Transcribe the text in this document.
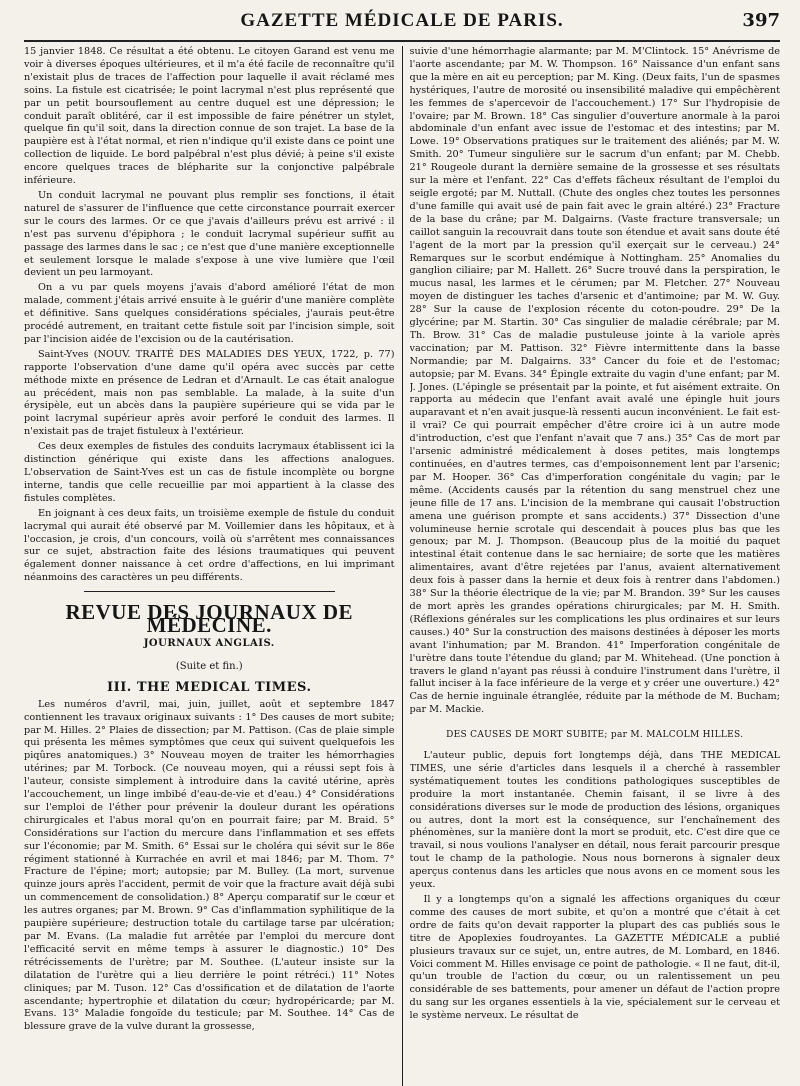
GAZETTE MÉDICALE DE PARIS.	397

15 janvier 1848. Ce résultat a été obtenu. Le citoyen Garand est venu me voir à diverses époques ultérieures, et il m'a été facile de reconnaître qu'il n'existait plus de traces de l'affection pour laquelle il avait réclamé mes soins. La fistule est cicatrisée; le point lacrymal n'est plus représenté que par un petit boursouflement au centre duquel est une dépression; le conduit paraît oblitéré, car il est impossible de faire pénétrer un stylet, quelque fin qu'il soit, dans la direction connue de son trajet. La base de la paupière est à l'état normal, et rien n'indique qu'il existe dans ce point une collection de liquide. Le bord palpébral n'est plus dévié; à peine s'il existe encore quelques traces de blépharite sur la conjonctive palpébrale inférieure.

Un conduit lacrymal ne pouvant plus remplir ses fonctions, il était naturel de s'assurer de l'influence que cette circonstance pourrait exercer sur le cours des larmes. Or ce que j'avais d'ailleurs prévu est arrivé : il n'est pas survenu d'épiphora ; le conduit lacrymal supérieur suffit au passage des larmes dans le sac ; ce n'est que d'une manière exceptionnelle et seulement lorsque le malade s'expose à une vive lumière que l'œil devient un peu larmoyant.

On a vu par quels moyens j'avais d'abord amélioré l'état de mon malade, comment j'étais arrivé ensuite à le guérir d'une manière complète et définitive. Sans quelques considérations spéciales, j'aurais peut-être procédé autrement, en traitant cette fistule soit par l'incision simple, soit par l'incision aidée de l'excision ou de la cautérisation.

Saint-Yves (NOUV. TRAITÉ DES MALADIES DES YEUX, 1722, p. 77) rapporte l'observation d'une dame qu'il opéra avec succès par cette méthode mixte en présence de Ledran et d'Arnault. Le cas était analogue au précédent, mais non pas semblable. La malade, à la suite d'un érysipèle, eut un abcès dans la paupière supérieure qui se vida par le point lacrymal supérieur après avoir perforé le conduit des larmes. Il n'existait pas de trajet fistuleux à l'extérieur.

Ces deux exemples de fistules des conduits lacrymaux établissent ici la distinction générique qui existe dans les affections analogues. L'observation de Saint-Yves est un cas de fistule incomplète ou borgne interne, tandis que celle recueillie par moi appartient à la classe des fistules complètes.

En joignant à ces deux faits, un troisième exemple de fistule du conduit lacrymal qui aurait été observé par M. Voillemier dans les hôpitaux, et à l'occasion, je crois, d'un concours, voilà où s'arrêtent mes connaissances sur ce sujet, abstraction faite des lésions traumatiques qui peuvent également donner naissance à cet ordre d'affections, en lui imprimant néanmoins des caractères un peu différents.

REVUE DES JOURNAUX DE MÉDECINE.
JOURNAUX ANGLAIS.
(Suite et fin.)
III. THE MEDICAL TIMES.

Les numéros d'avril, mai, juin, juillet, août et septembre 1847 contiennent les travaux originaux suivants : 1° Des causes de mort subite; par M. Hilles. 2° Plaies de dissection; par M. Pattison. (Cas de plaie simple qui présenta les mêmes symptômes que ceux qui suivent quelquefois les piqûres anatomiques.) 3° Nouveau moyen de traiter les hémorrhagies utérines; par M. Torbock. (Ce nouveau moyen, qui a réussi sept fois à l'auteur, consiste simplement à introduire dans la cavité utérine, après l'accouchement, un linge imbibé d'eau-de-vie et d'eau.) 4° Considérations sur l'emploi de l'éther pour prévenir la douleur durant les opérations chirurgicales et l'abus moral qu'on en pourrait faire; par M. Braid. 5° Considérations sur l'action du mercure dans l'inflammation et ses effets sur l'économie; par M. Smith. 6° Essai sur le choléra qui sévit sur le 86e régiment stationné à Kurrachée en avril et mai 1846; par M. Thom. 7° Fracture de l'épine; mort; autopsie; par M. Bulley. (La mort, survenue quinze jours après l'accident, permit de voir que la fracture avait déjà subi un commencement de consolidation.) 8° Aperçu comparatif sur le cœur et les autres organes; par M. Brown. 9° Cas d'inflammation syphilitique de la paupière supérieure; destruction totale du cartilage tarse par ulcération; par M. Evans. (La maladie fut arrêtée par l'emploi du mercure dont l'efficacité servit en même temps à assurer le diagnostic.) 10° Des rétrécissements de l'urètre; par M. Southee. (L'auteur insiste sur la dilatation de l'urètre qui a lieu derrière le point rétréci.) 11° Notes cliniques; par M. Tuson. 12° Cas d'ossification et de dilatation de l'aorte ascendante; hypertrophie et dilatation du cœur; hydropéricarde; par M. Evans. 13° Maladie fongoïde du testicule; par M. Southee. 14° Cas de blessure grave de la vulve durant la grossesse,

suivie d'une hémorrhagie alarmante; par M. M'Clintock. 15° Anévrisme de l'aorte ascendante; par M. W. Thompson. 16° Naissance d'un enfant sans que la mère en ait eu perception; par M. King. (Deux faits, l'un de spasmes hystériques, l'autre de morosité ou insensibilité maladive qui empêchèrent les femmes de s'apercevoir de l'accouchement.) 17° Sur l'hydropisie de l'ovaire; par M. Brown. 18° Cas singulier d'ouverture anormale à la paroi abdominale d'un enfant avec issue de l'estomac et des intestins; par M. Lowe. 19° Observations pratiques sur le traitement des aliénés; par M. W. Smith. 20° Tumeur singulière sur le sacrum d'un enfant; par M. Chebb. 21° Rougeole durant la dernière semaine de la grossesse et ses résultats sur la mère et l'enfant. 22° Cas d'effets fâcheux résultant de l'emploi du seigle ergoté; par M. Nuttall. (Chute des ongles chez toutes les personnes d'une famille qui avait usé de pain fait avec le grain altéré.) 23° Fracture de la base du crâne; par M. Dalgairns. (Vaste fracture transversale; un caillot sanguin la recouvrait dans toute son étendue et avait sans doute été l'agent de la mort par la pression qu'il exerçait sur le cerveau.) 24° Remarques sur le scorbut endémique à Nottingham. 25° Anomalies du ganglion ciliaire; par M. Hallett. 26° Sucre trouvé dans la perspiration, le mucus nasal, les larmes et le cérumen; par M. Fletcher. 27° Nouveau moyen de distinguer les taches d'arsenic et d'antimoine; par M. W. Guy. 28° Sur la cause de l'explosion récente du coton-poudre. 29° De la glycérine; par M. Startin. 30° Cas singulier de maladie cérébrale; par M. Th. Brow. 31° Cas de maladie pustuleuse jointe à la variole après vaccination; par M. Pattison. 32° Fièvre intermittente dans la basse Normandie; par M. Dalgairns. 33° Cancer du foie et de l'estomac; autopsie; par M. Evans. 34° Épingle extraite du vagin d'une enfant; par M. J. Jones. (L'épingle se présentait par la pointe, et fut aisément extraite. On rapporta au médecin que l'enfant avait avalé une épingle huit jours auparavant et n'en avait jusque-là ressenti aucun inconvénient. Le fait est-il vrai? Ce qui pourrait empêcher d'être croire ici à un autre mode d'introduction, c'est que l'enfant n'avait que 7 ans.) 35° Cas de mort par l'arsenic administré médicalement à doses petites, mais longtemps continuées, en d'autres termes, cas d'empoisonnement lent par l'arsenic; par M. Hooper. 36° Cas d'imperforation congénitale du vagin; par le même. (Accidents causés par la rétention du sang menstruel chez une jeune fille de 17 ans. L'incision de la membrane qui causait l'obstruction amena une guérison prompte et sans accidents.) 37° Dissection d'une volumineuse hernie scrotale qui descendait à pouces plus bas que les genoux; par M. J. Thompson. (Beaucoup plus de la moitié du paquet intestinal était contenue dans le sac herniaire; de sorte que les matières alimentaires, avant d'être rejetées par l'anus, avaient alternativement deux fois à passer dans la hernie et deux fois à rentrer dans l'abdomen.) 38° Sur la théorie électrique de la vie; par M. Brandon. 39° Sur les causes de mort après les grandes opérations chirurgicales; par M. H. Smith. (Réflexions générales sur les complications les plus ordinaires et sur leurs causes.) 40° Sur la construction des maisons destinées à déposer les morts avant l'inhumation; par M. Brandon. 41° Imperforation congénitale de l'urètre dans toute l'étendue du gland; par M. Whitehead. (Une ponction à travers le gland n'ayant pas réussi à conduire l'instrument dans l'urètre, il fallut inciser à la face inférieure de la verge et y créer une ouverture.) 42° Cas de hernie inguinale étranglée, réduite par la méthode de M. Bucham; par M. Mackie.

DES CAUSES DE MORT SUBITE; par M. MALCOLM HILLES.

L'auteur public, depuis fort longtemps déjà, dans THE MEDICAL TIMES, une série d'articles dans lesquels il a cherché à rassembler systématiquement toutes les conditions pathologiques susceptibles de produire la mort instantanée. Chemin faisant, il se livre à des considérations diverses sur le mode de production des lésions, organiques ou autres, dont la mort est la conséquence, sur l'enchaînement des phénomènes, sur la manière dont la mort se produit, etc. C'est dire que ce travail, si nous voulions l'analyser en détail, nous ferait parcourir presque tout le champ de la pathologie. Nous nous bornerons à signaler deux aperçus contenus dans les articles que nous avons en ce moment sous les yeux.

Il y a longtemps qu'on a signalé les affections organiques du cœur comme des causes de mort subite, et qu'on a montré que c'était à cet ordre de faits qu'on devait rapporter la plupart des cas publiés sous le titre de Apoplexies foudroyantes. La GAZETTE MÉDICALE a publié plusieurs travaux sur ce sujet, un, entre autres, de M. Lombard, en 1846. Voici comment M. Hilles envisage ce point de pathologie. « Il ne faut, dit-il, qu'un trouble de l'action du cœur, ou un ralentissement un peu considérable de ses battements, pour amener un défaut de l'action propre du sang sur les organes essentiels à la vie, spécialement sur le cerveau et le système nerveux. Le résultat de
